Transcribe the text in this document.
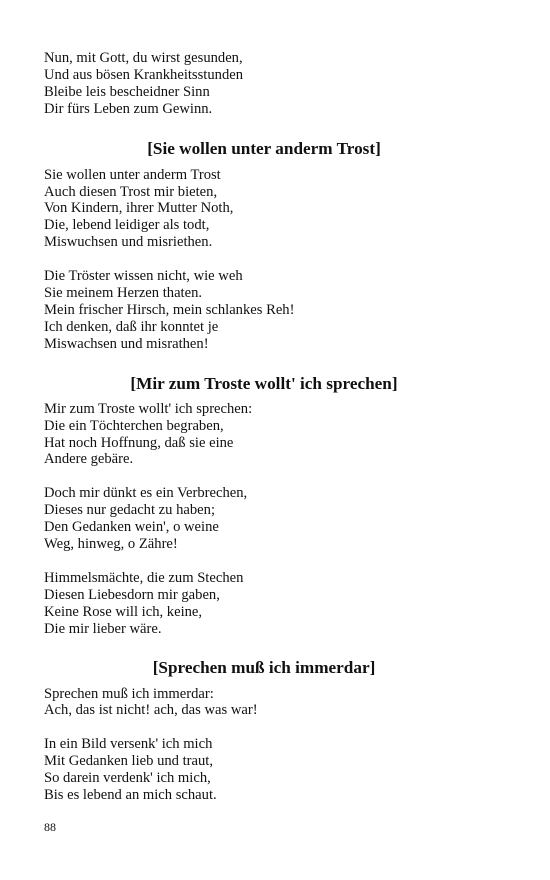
Nun, mit Gott, du wirst gesunden,
Und aus bösen Krankheitsstunden
Bleibe leis bescheidner Sinn
Dir fürs Leben zum Gewinn.
[Sie wollen unter anderm Trost]
Sie wollen unter anderm Trost
Auch diesen Trost mir bieten,
Von Kindern, ihrer Mutter Noth,
Die, lebend leidiger als todt,
Miswuchsen und misriethen.
Die Tröster wissen nicht, wie weh
Sie meinem Herzen thaten.
Mein frischer Hirsch, mein schlankes Reh!
Ich denken, daß ihr konntet je
Miswachsen und misrathen!
[Mir zum Troste wollt' ich sprechen]
Mir zum Troste wollt' ich sprechen:
Die ein Töchterchen begraben,
Hat noch Hoffnung, daß sie eine
Andere gebäre.
Doch mir dünkt es ein Verbrechen,
Dieses nur gedacht zu haben;
Den Gedanken wein', o weine
Weg, hinweg, o Zähre!
Himmelsmächte, die zum Stechen
Diesen Liebesdorn mir gaben,
Keine Rose will ich, keine,
Die mir lieber wäre.
[Sprechen muß ich immerdar]
Sprechen muß ich immerdar:
Ach, das ist nicht! ach, das was war!
In ein Bild versenk' ich mich
Mit Gedanken lieb und traut,
So darein verdenk' ich mich,
Bis es lebend an mich schaut.
88
